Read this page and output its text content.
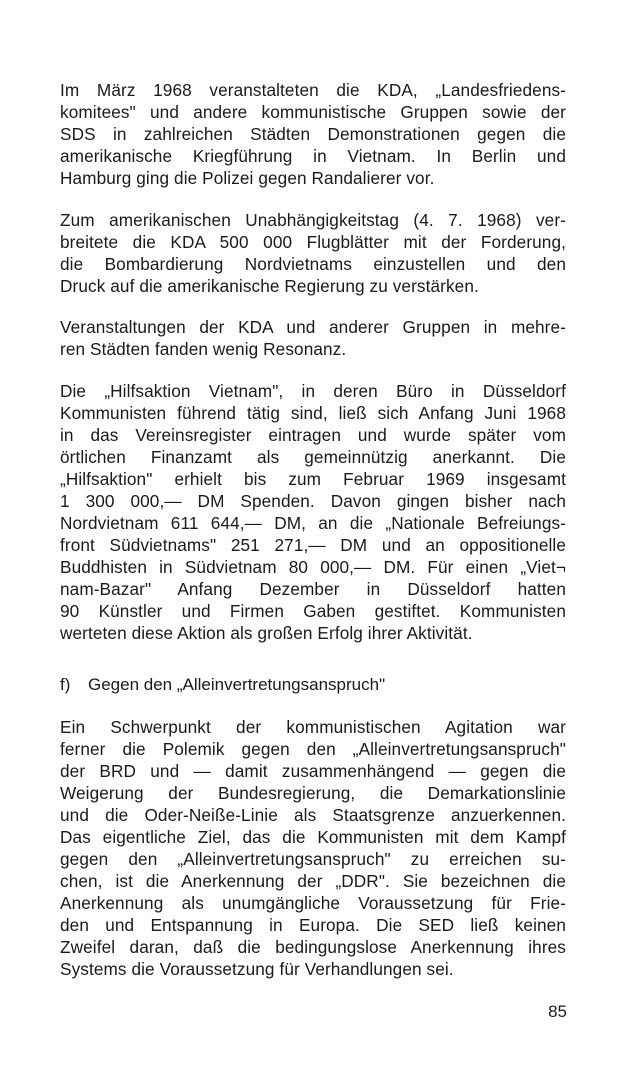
Im März 1968 veranstalteten die KDA, „Landesfriedens-
komitees" und andere kommunistische Gruppen sowie der
SDS in zahlreichen Städten Demonstrationen gegen die
amerikanische Kriegführung in Vietnam. In Berlin und
Hamburg ging die Polizei gegen Randalierer vor.
Zum amerikanischen Unabhängigkeitstag (4. 7. 1968) ver-
breitete die KDA 500 000 Flugblätter mit der Forderung,
die Bombardierung Nordvietnams einzustellen und den
Druck auf die amerikanische Regierung zu verstärken.
Veranstaltungen der KDA und anderer Gruppen in mehre-
ren Städten fanden wenig Resonanz.
Die „Hilfsaktion Vietnam", in deren Büro in Düsseldorf
Kommunisten führend tätig sind, ließ sich Anfang Juni 1968
in das Vereinsregister eintragen und wurde später vom
örtlichen Finanzamt als gemeinnützig anerkannt. Die
„Hilfsaktion" erhielt bis zum Februar 1969 insgesamt
1 300 000,— DM Spenden. Davon gingen bisher nach
Nordvietnam 611 644,— DM, an die „Nationale Befreiungs-
front Südvietnams" 251 271,— DM und an oppositionelle
Buddhisten in Südvietnam 80 000,— DM. Für einen „Viet¬
nam-Bazar" Anfang Dezember in Düsseldorf hatten
90 Künstler und Firmen Gaben gestiftet. Kommunisten
werteten diese Aktion als großen Erfolg ihrer Aktivität.
f) Gegen den „Alleinvertretungsanspruch"
Ein Schwerpunkt der kommunistischen Agitation war
ferner die Polemik gegen den „Alleinvertretungsanspruch"
der BRD und — damit zusammenhängend — gegen die
Weigerung der Bundesregierung, die Demarkationslinie
und die Oder-Neiße-Linie als Staatsgrenze anzuerkennen.
Das eigentliche Ziel, das die Kommunisten mit dem Kampf
gegen den „Alleinvertretungsanspruch" zu erreichen su-
chen, ist die Anerkennung der „DDR". Sie bezeichnen die
Anerkennung als unumgängliche Voraussetzung für Frie-
den und Entspannung in Europa. Die SED ließ keinen
Zweifel daran, daß die bedingungslose Anerkennung ihres
Systems die Voraussetzung für Verhandlungen sei.
85
